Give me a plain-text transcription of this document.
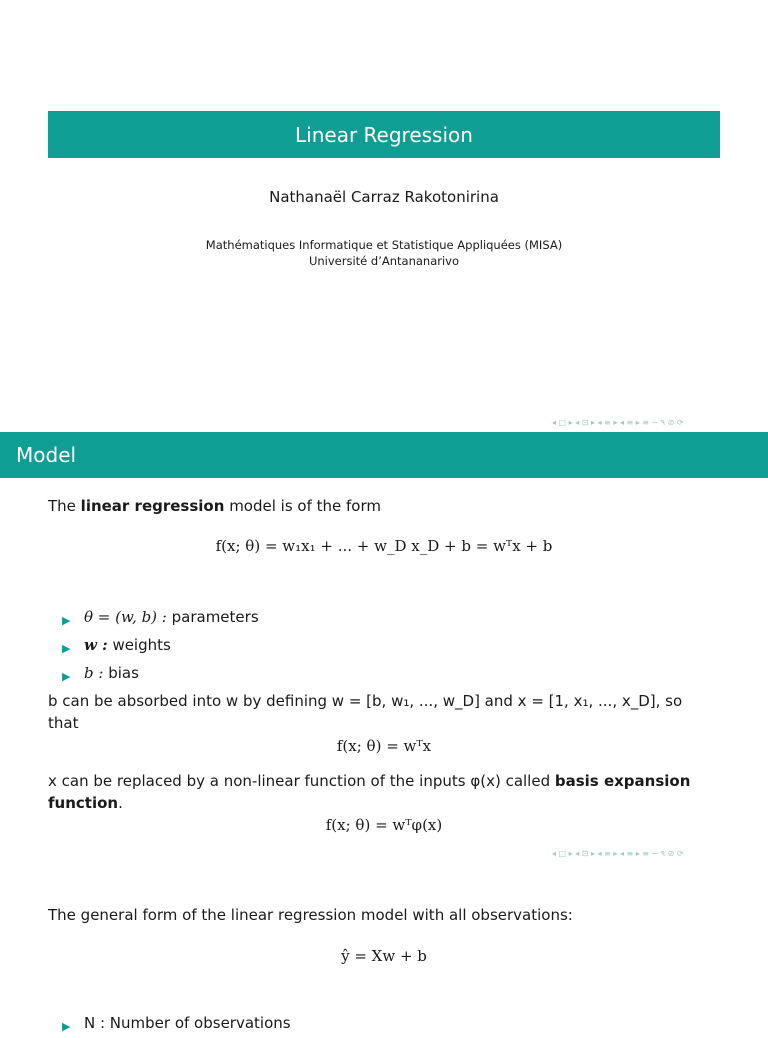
Linear Regression
Nathanaël Carraz Rakotonirina
Mathématiques Informatique et Statistique Appliquées (MISA)
Université d’Antananarivo
◂ □ ▸ ◂ ⊡ ▸ ◂ ≡ ▸ ◂ ≡ ▸ ≡ ∽ ۹ ⊘ ⟳
Model
The linear regression model is of the form
f(x; θ) = w₁x₁ + ... + w_D x_D + b = wᵀx + b
▶ θ = (w, b) : parameters
▶ w : weights
▶ b : bias
b can be absorbed into w by defining w = [b, w₁, ..., w_D] and x = [1, x₁, ..., x_D], so
that
f(x; θ) = wᵀx
x can be replaced by a non-linear function of the inputs φ(x) called basis expansion
function.
f(x; θ) = wᵀφ(x)
◂ □ ▸ ◂ ⊡ ▸ ◂ ≡ ▸ ◂ ≡ ▸ ≡ ∽ ۹ ⊘ ⟳
The general form of the linear regression model with all observations:
ŷ = Xw + b
▶ N : Number of observations
